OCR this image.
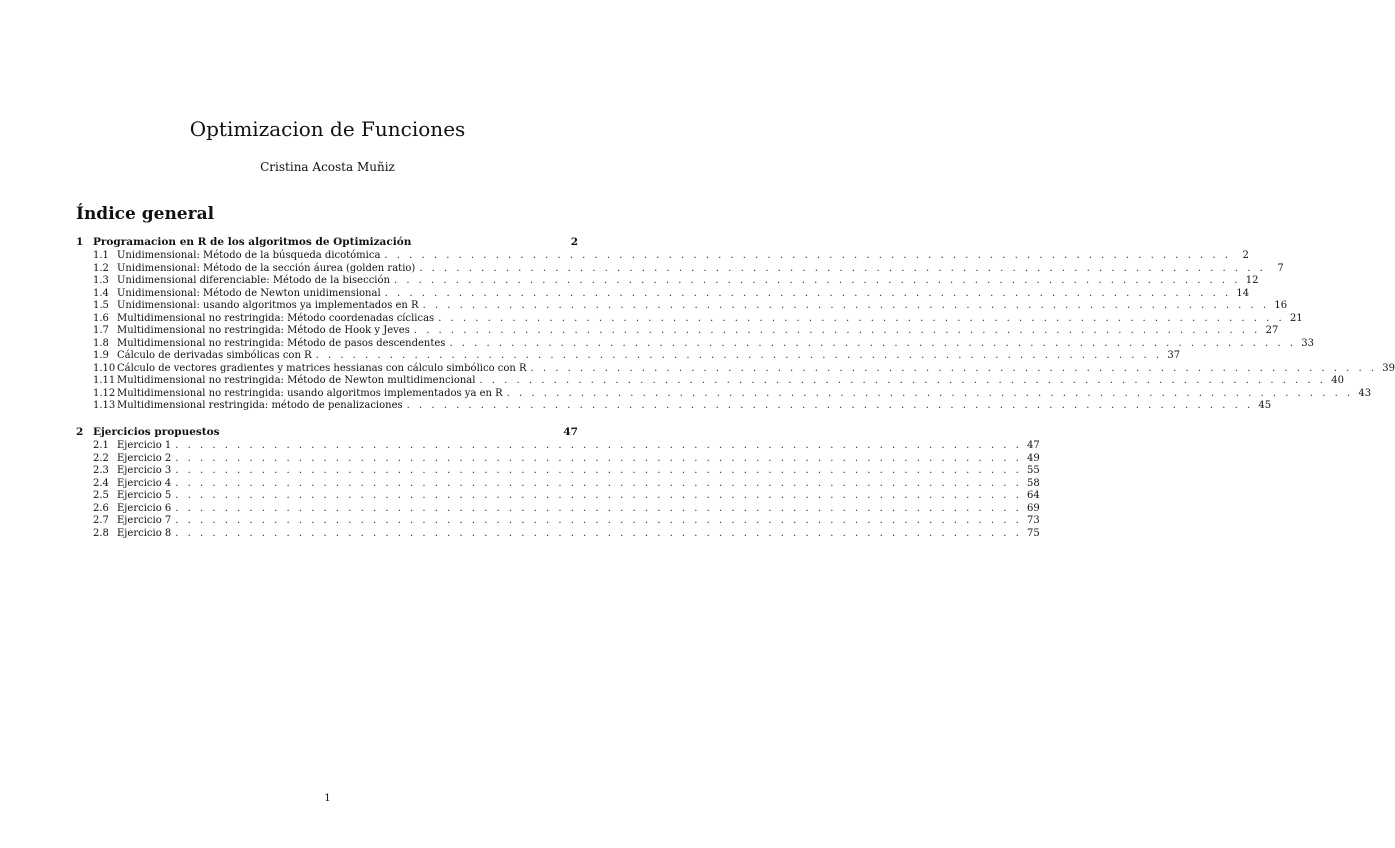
Optimizacion de Funciones

Cristina Acosta Muñiz

Índice general
1 Programacion en R de los algoritmos de Optimización	2
1.1 Unidimensional: Método de la búsqueda dicotómica . . . . . . . . . . . . . . . . . . . . . . . . . . . . . . . . . . . . . . . . . . . . . . . . . . . . . . . . . . . . . . . . . . . . .	2
1.2 Unidimensional: Método de la sección áurea (golden ratio) . . . . . . . . . . . . . . . . . . . . . . . . . . . . . . . . . . . . . . . . . . . . . . . . . . . . . . . . . . . . . . . . . . . . .	7
1.3 Unidimensional diferenciable: Método de la bisección . . . . . . . . . . . . . . . . . . . . . . . . . . . . . . . . . . . . . . . . . . . . . . . . . . . . . . . . . . . . . . . . . . . . . 12
1.4 Unidimensional: Método de Newton unidimensional . . . . . . . . . . . . . . . . . . . . . . . . . . . . . . . . . . . . . . . . . . . . . . . . . . . . . . . . . . . . . . . . . . . . . 14
1.5 Unidimensional: usando algoritmos ya implementados en R . . . . . . . . . . . . . . . . . . . . . . . . . . . . . . . . . . . . . . . . . . . . . . . . . . . . . . . . . . . . . . . . . . . . . 16
1.6 Multidimensional no restringida: Método coordenadas cíclicas . . . . . . . . . . . . . . . . . . . . . . . . . . . . . . . . . . . . . . . . . . . . . . . . . . . . . . . . . . . . . . . . . . . . . 21
1.7 Multidimensional no restringida: Método de Hook y Jeves . . . . . . . . . . . . . . . . . . . . . . . . . . . . . . . . . . . . . . . . . . . . . . . . . . . . . . . . . . . . . . . . . . . . . 27
1.8 Multidimensional no restringida: Método de pasos descendentes . . . . . . . . . . . . . . . . . . . . . . . . . . . . . . . . . . . . . . . . . . . . . . . . . . . . . . . . . . . . . . . . . . . . . 33
1.9 Cálculo de derivadas simbólicas con R . . . . . . . . . . . . . . . . . . . . . . . . . . . . . . . . . . . . . . . . . . . . . . . . . . . . . . . . . . . . . . . . . . . . . 37
1.10 Cálculo de vectores gradientes y matrices hessianas con cálculo simbólico con R . . . . . . . . . . . . . . . . . . . . . . . . . . . . . . . . . . . . . . . . . . . . . . . . . . . . . . . . . . . . . . . . . . . . . 39
1.11 Multidimensional no restringida: Método de Newton multidimencional . . . . . . . . . . . . . . . . . . . . . . . . . . . . . . . . . . . . . . . . . . . . . . . . . . . . . . . . . . . . . . . . . . . . . 40
1.12 Multidimensional no restringida: usando algoritmos implementados ya en R . . . . . . . . . . . . . . . . . . . . . . . . . . . . . . . . . . . . . . . . . . . . . . . . . . . . . . . . . . . . . . . . . . . . . 43
1.13 Multidimensional restringida: método de penalizaciones . . . . . . . . . . . . . . . . . . . . . . . . . . . . . . . . . . . . . . . . . . . . . . . . . . . . . . . . . . . . . . . . . . . . . 45
2 Ejercicios propuestos	47
2.1 Ejercicio 1 . . . . . . . . . . . . . . . . . . . . . . . . . . . . . . . . . . . . . . . . . . . . . . . . . . . . . . . . . . . . . . . . . . . . . 47
2.2 Ejercicio 2 . . . . . . . . . . . . . . . . . . . . . . . . . . . . . . . . . . . . . . . . . . . . . . . . . . . . . . . . . . . . . . . . . . . . . 49
2.3 Ejercicio 3 . . . . . . . . . . . . . . . . . . . . . . . . . . . . . . . . . . . . . . . . . . . . . . . . . . . . . . . . . . . . . . . . . . . . . 55
2.4 Ejercicio 4 . . . . . . . . . . . . . . . . . . . . . . . . . . . . . . . . . . . . . . . . . . . . . . . . . . . . . . . . . . . . . . . . . . . . . 58
2.5 Ejercicio 5 . . . . . . . . . . . . . . . . . . . . . . . . . . . . . . . . . . . . . . . . . . . . . . . . . . . . . . . . . . . . . . . . . . . . . 64
2.6 Ejercicio 6 . . . . . . . . . . . . . . . . . . . . . . . . . . . . . . . . . . . . . . . . . . . . . . . . . . . . . . . . . . . . . . . . . . . . . 69
2.7 Ejercicio 7 . . . . . . . . . . . . . . . . . . . . . . . . . . . . . . . . . . . . . . . . . . . . . . . . . . . . . . . . . . . . . . . . . . . . . 73
2.8 Ejercicio 8 . . . . . . . . . . . . . . . . . . . . . . . . . . . . . . . . . . . . . . . . . . . . . . . . . . . . . . . . . . . . . . . . . . . . . 75

1
